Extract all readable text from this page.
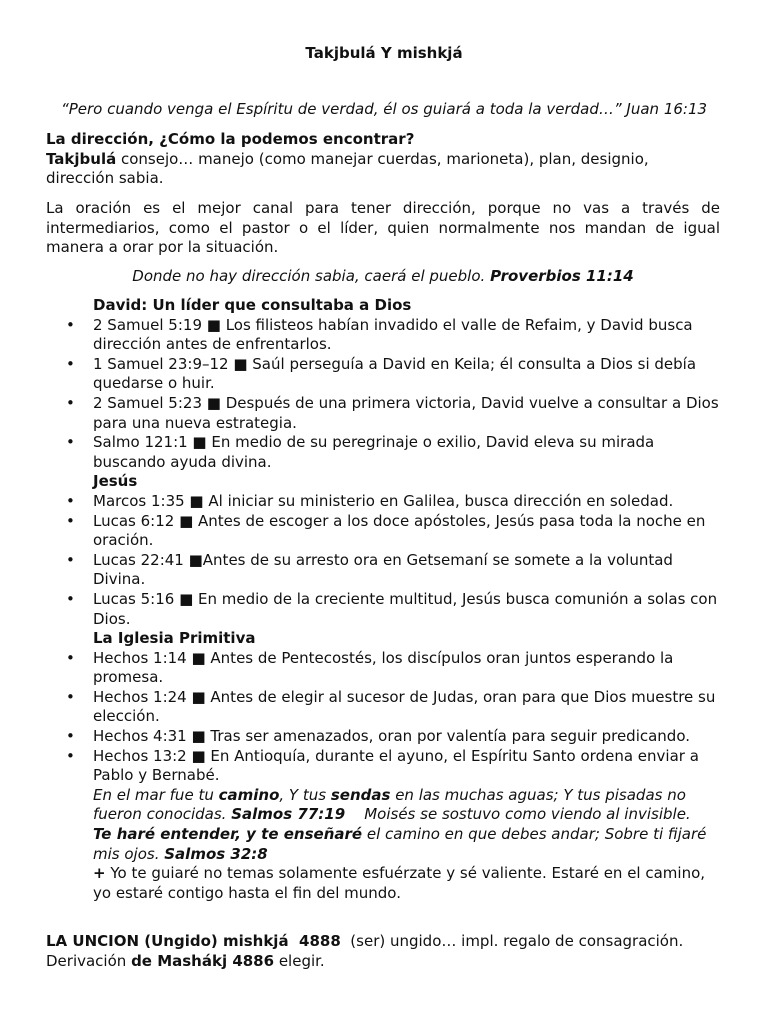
Takjbulá Y mishkjá
“Pero cuando venga el Espíritu de verdad, él os guiará a toda la verdad…” Juan 16:13
La dirección, ¿Cómo la podemos encontrar?
Takjbulá consejo… manejo (como manejar cuerdas, marioneta), plan, designio, dirección sabia.
La oración es el mejor canal para tener dirección, porque no vas a través de intermediarios, como el pastor o el líder, quien normalmente nos mandan de igual manera a orar por la situación.
Donde no hay dirección sabia, caerá el pueblo. Proverbios 11:14
David: Un líder que consultaba a Dios
• 2 Samuel 5:19 ■ Los filisteos habían invadido el valle de Refaim, y David busca dirección antes de enfrentarlos.
• 1 Samuel 23:9–12 ■ Saúl perseguía a David en Keila; él consulta a Dios si debía quedarse o huir.
• 2 Samuel 5:23 ■ Después de una primera victoria, David vuelve a consultar a Dios para una nueva estrategia.
• Salmo 121:1 ■ En medio de su peregrinaje o exilio, David eleva su mirada buscando ayuda divina.
Jesús
• Marcos 1:35 ■ Al iniciar su ministerio en Galilea, busca dirección en soledad.
• Lucas 6:12 ■ Antes de escoger a los doce apóstoles, Jesús pasa toda la noche en oración.
• Lucas 22:41 ■Antes de su arresto ora en Getsemaní se somete a la voluntad Divina.
• Lucas 5:16 ■ En medio de la creciente multitud, Jesús busca comunión a solas con Dios.
La Iglesia Primitiva
• Hechos 1:14 ■ Antes de Pentecostés, los discípulos oran juntos esperando la promesa.
• Hechos 1:24 ■ Antes de elegir al sucesor de Judas, oran para que Dios muestre su elección.
• Hechos 4:31 ■ Tras ser amenazados, oran por valentía para seguir predicando.
• Hechos 13:2 ■ En Antioquía, durante el ayuno, el Espíritu Santo ordena enviar a Pablo y Bernabé.
En el mar fue tu camino, Y tus sendas en las muchas aguas; Y tus pisadas no fueron conocidas. Salmos 77:19    Moisés se sostuvo como viendo al invisible.
Te haré entender, y te enseñaré el camino en que debes andar; Sobre ti fijaré mis ojos. Salmos 32:8
+ Yo te guiaré no temas solamente esfuérzate y sé valiente. Estaré en el camino, yo estaré contigo hasta el fin del mundo.
LA UNCION (Ungido) mishkjá  4888  (ser) ungido… impl. regalo de consagración.
Derivación de Mashákj 4886 elegir.
